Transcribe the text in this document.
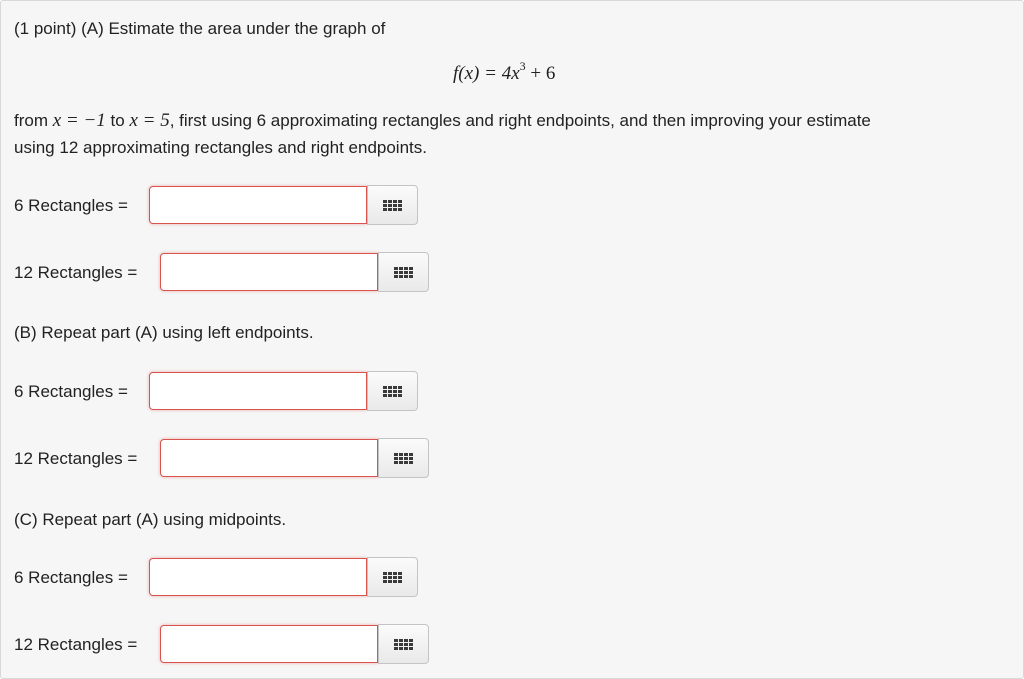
(1 point) (A) Estimate the area under the graph of
$f(x) = 4x^3 + 6$
from x = −1 to x = 5, first using 6 approximating rectangles and right endpoints, and then improving your estimate
using 12 approximating rectangles and right endpoints.
6 Rectangles =
12 Rectangles =
(B) Repeat part (A) using left endpoints.
6 Rectangles =
12 Rectangles =
(C) Repeat part (A) using midpoints.
6 Rectangles =
12 Rectangles =
